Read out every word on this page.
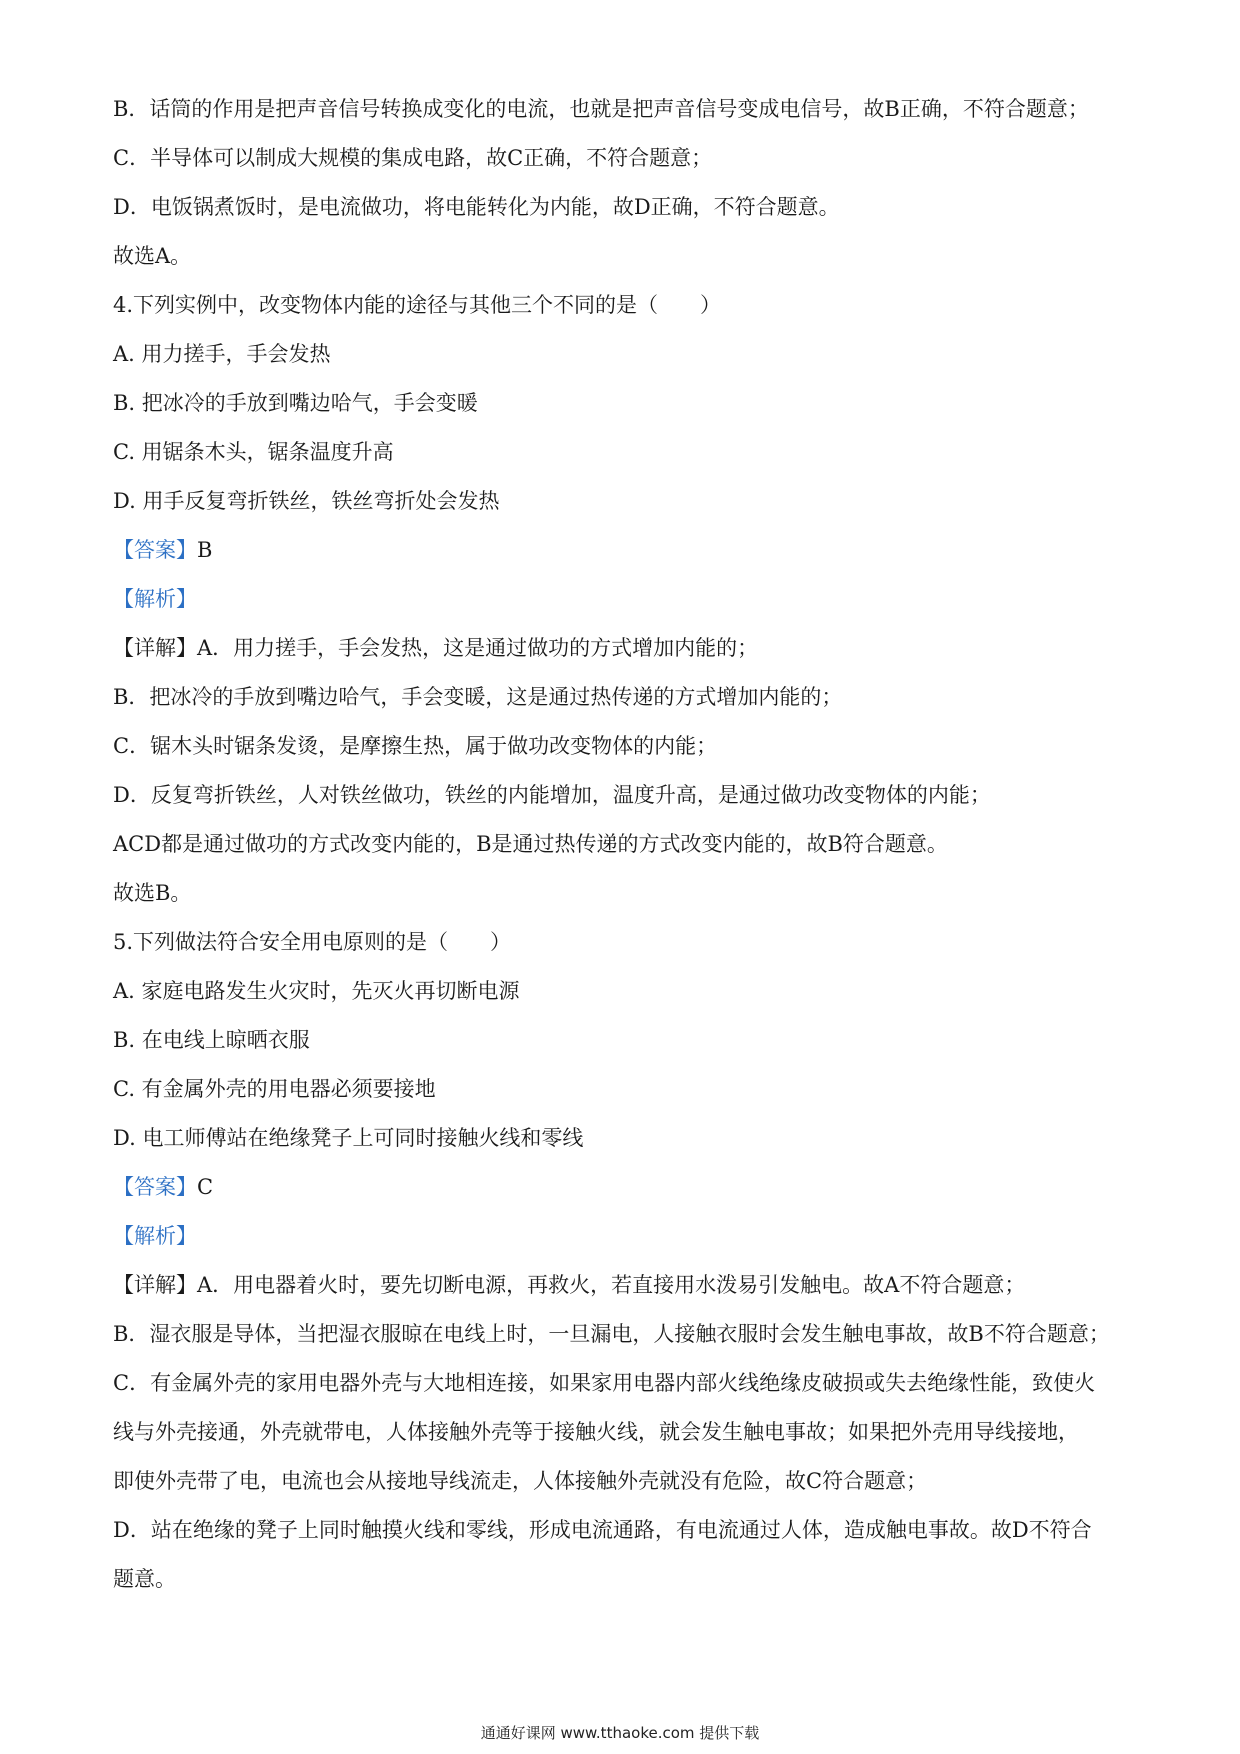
B．话筒的作用是把声音信号转换成变化的电流，也就是把声音信号变成电信号，故B正确，不符合题意；
C．半导体可以制成大规模的集成电路，故C正确，不符合题意；
D．电饭锅煮饭时，是电流做功，将电能转化为内能，故D正确，不符合题意。
故选A。
4.下列实例中，改变物体内能的途径与其他三个不同的是（　　）
A. 用力搓手，手会发热
B. 把冰冷的手放到嘴边哈气，手会变暖
C. 用锯条木头，锯条温度升高
D. 用手反复弯折铁丝，铁丝弯折处会发热
【答案】B
【解析】
【详解】A．用力搓手，手会发热，这是通过做功的方式增加内能的；
B．把冰冷的手放到嘴边哈气，手会变暖，这是通过热传递的方式增加内能的；
C．锯木头时锯条发烫，是摩擦生热，属于做功改变物体的内能；
D．反复弯折铁丝，人对铁丝做功，铁丝的内能增加，温度升高，是通过做功改变物体的内能；
ACD都是通过做功的方式改变内能的，B是通过热传递的方式改变内能的，故B符合题意。
故选B。
5.下列做法符合安全用电原则的是（　　）
A. 家庭电路发生火灾时，先灭火再切断电源
B. 在电线上晾晒衣服
C. 有金属外壳的用电器必须要接地
D. 电工师傅站在绝缘凳子上可同时接触火线和零线
【答案】C
【解析】
【详解】A．用电器着火时，要先切断电源，再救火，若直接用水泼易引发触电。故A不符合题意；
B．湿衣服是导体，当把湿衣服晾在电线上时，一旦漏电，人接触衣服时会发生触电事故，故B不符合题意；
C．有金属外壳的家用电器外壳与大地相连接，如果家用电器内部火线绝缘皮破损或失去绝缘性能，致使火
线与外壳接通，外壳就带电，人体接触外壳等于接触火线，就会发生触电事故；如果把外壳用导线接地，
即使外壳带了电，电流也会从接地导线流走，人体接触外壳就没有危险，故C符合题意；
D．站在绝缘的凳子上同时触摸火线和零线，形成电流通路，有电流通过人体，造成触电事故。故D不符合
题意。
通通好课网 www.tthaoke.com 提供下载
